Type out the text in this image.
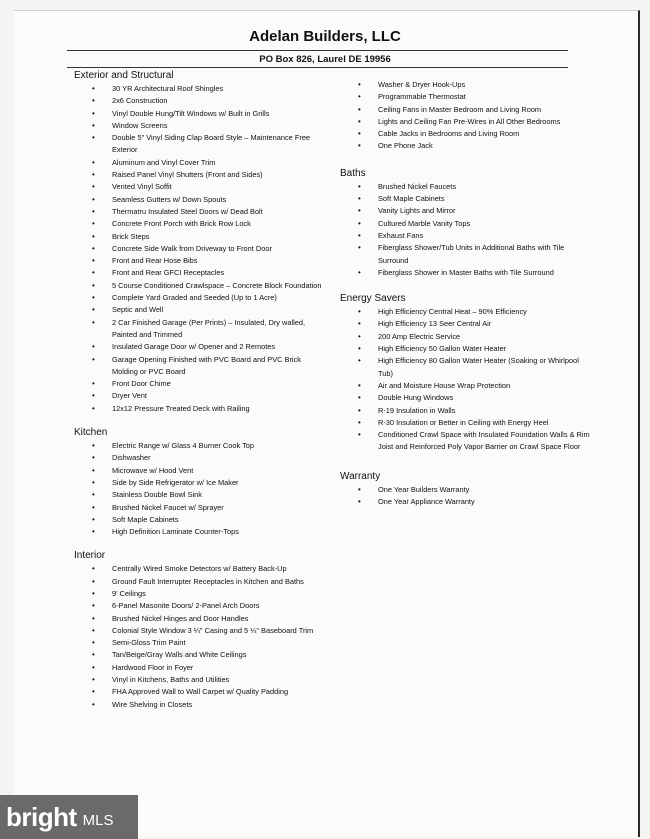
Adelan Builders, LLC
PO Box 826, Laurel DE 19956
Exterior and Structural
• 30 YR Architectural Roof Shingles
• 2x6 Construction
• Vinyl Double Hung/Tilt Windows w/ Built in Grills
• Window Screens
• Double 5" Vinyl Siding Clap Board Style – Maintenance Free Exterior
• Aluminum and Vinyl Cover Trim
• Raised Panel Vinyl Shutters (Front and Sides)
• Vented Vinyl Soffit
• Seamless Gutters w/ Down Spouts
• Thermatru Insulated Steel Doors w/ Dead Bolt
• Concrete Front Porch with Brick Row Lock
• Brick Steps
• Concrete Side Walk from Driveway to Front Door
• Front and Rear Hose Bibs
• Front and Rear GFCI Receptacles
• 5 Course Conditioned Crawlspace – Concrete Block Foundation
• Complete Yard Graded and Seeded (Up to 1 Acre)
• Septic and Well
• 2 Car Finished Garage (Per Prints) – Insulated, Dry walled, Painted and Trimmed
• Insulated Garage Door w/ Opener and 2 Remotes
• Garage Opening Finished with PVC Board and PVC Brick Molding or PVC Board
• Front Door Chime
• Dryer Vent
• 12x12 Pressure Treated Deck with Railing
Kitchen
• Electric Range w/ Glass 4 Burner Cook Top
• Dishwasher
• Microwave w/ Hood Vent
• Side by Side Refrigerator w/ Ice Maker
• Stainless Double Bowl Sink
• Brushed Nickel Faucet w/ Sprayer
• Soft Maple Cabinets
• High Definition Laminate Counter-Tops
Interior
• Centrally Wired Smoke Detectors w/ Battery Back-Up
• Ground Fault Interrupter Receptacles in Kitchen and Baths
• 9' Ceilings
• 6-Panel Masonite Doors/ 2-Panel Arch Doors
• Brushed Nickel Hinges and Door Handles
• Colonial Style Window 3 ¼" Casing and 5 ¼" Baseboard Trim
• Semi-Gloss Trim Paint
• Tan/Beige/Gray Walls and White Ceilings
• Hardwood Floor in Foyer
• Vinyl in Kitchens, Baths and Utilities
• FHA Approved Wall to Wall Carpet w/ Quality Padding
• Wire Shelving in Closets
• Washer & Dryer Hook-Ups
• Programmable Thermostat
• Ceiling Fans in Master Bedroom and Living Room
• Lights and Ceiling Fan Pre-Wires in All Other Bedrooms
• Cable Jacks in Bedrooms and Living Room
• One Phone Jack
Baths
• Brushed Nickel Faucets
• Soft Maple Cabinets
• Vanity Lights and Mirror
• Cultured Marble Vanity Tops
• Exhaust Fans
• Fiberglass Shower/Tub Units in Additional Baths with Tile Surround
• Fiberglass Shower in Master Baths with Tile Surround
Energy Savers
• High Efficiency Central Heat – 90% Efficiency
• High Efficiency 13 Seer Central Air
• 200 Amp Electric Service
• High Efficiency 50 Gallon Water Heater
• High Efficiency 80 Gallon Water Heater (Soaking or Whirlpool Tub)
• Air and Moisture House Wrap Protection
• Double Hung Windows
• R-19 Insulation in Walls
• R-30 Insulation or Better in Ceiling with Energy Heel
• Conditioned Crawl Space with Insulated Foundation Walls & Rim Joist and Reinforced Poly Vapor Barrier on Crawl Space Floor
Warranty
• One Year Builders Warranty
• One Year Appliance Warranty
bright MLS
